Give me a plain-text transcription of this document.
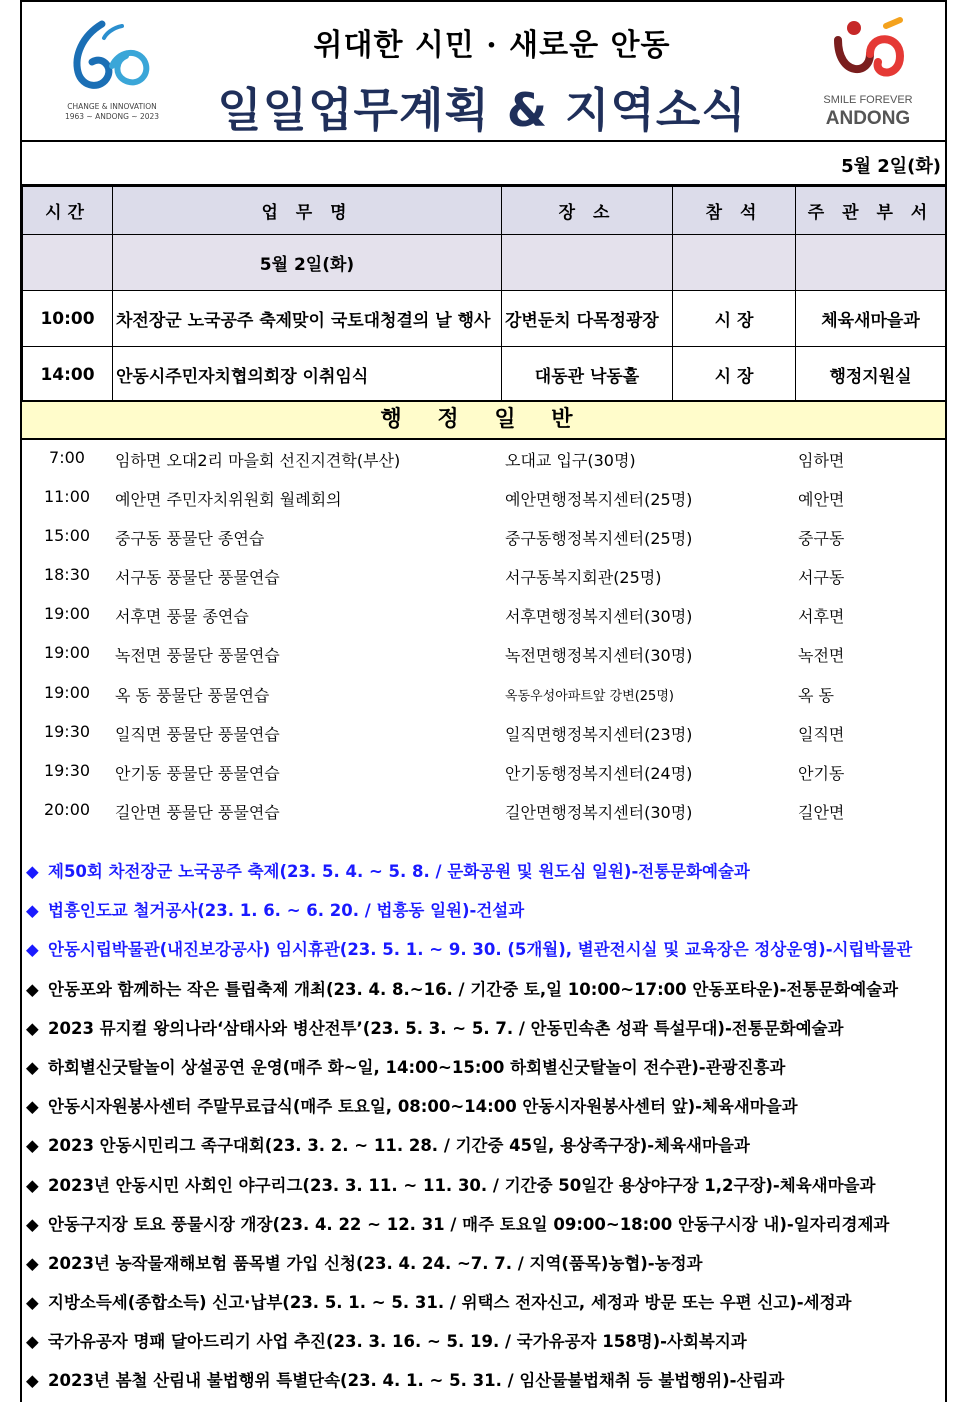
CHANGE & INNOVATION
1963 ~ ANDONG ~ 2023
위대한 시민 · 새로운 안동
일일업무계획 & 지역소식	SMILE FOREVER
ANDONG
5월 2일(화)
시간	업 무 명	장 소	참 석	주 관 부 서
	5월 2일(화)			
10:00	차전장군 노국공주 축제맞이 국토대청결의 날 행사	강변둔치 다목정광장	시 장	체육새마을과
14:00	안동시주민자치협의회장 이취임식	대동관 낙동홀	시 장	행정지원실
행 정 일 반
7:00	임하면 오대2리 마을회 선진지견학(부산)	오대교 입구(30명)	임하면
11:00	예안면 주민자치위원회 월례회의	예안면행정복지센터(25명)	예안면
15:00	중구동 풍물단 종연습	중구동행정복지센터(25명)	중구동
18:30	서구동 풍물단 풍물연습	서구동복지회관(25명)	서구동
19:00	서후면 풍물 종연습	서후면행정복지센터(30명)	서후면
19:00	녹전면 풍물단 풍물연습	녹전면행정복지센터(30명)	녹전면
19:00	옥 동 풍물단 풍물연습	옥동우성아파트앞 강변(25명)	옥 동
19:30	일직면 풍물단 풍물연습	일직면행정복지센터(23명)	일직면
19:30	안기동 풍물단 풍물연습	안기동행정복지센터(24명)	안기동
20:00	길안면 풍물단 풍물연습	길안면행정복지센터(30명)	길안면
◆ 제50회 차전장군 노국공주 축제(23. 5. 4. ~ 5. 8. / 문화공원 및 원도심 일원)-전통문화예술과
◆ 법흥인도교 철거공사(23. 1. 6. ~ 6. 20. / 법흥동 일원)-건설과
◆ 안동시립박물관(내진보강공사) 임시휴관(23. 5. 1. ~ 9. 30. (5개월), 별관전시실 및 교육장은 정상운영)-시립박물관
◆ 안동포와 함께하는 작은 틀립축제 개최(23. 4. 8.~16. / 기간중 토,일 10:00~17:00 안동포타운)-전통문화예술과
◆ 2023 뮤지컬 왕의나라‘삼태사와 병산전투’(23. 5. 3. ~ 5. 7. / 안동민속촌 성곽 특설무대)-전통문화예술과
◆ 하회별신굿탈놀이 상설공연 운영(매주 화~일, 14:00~15:00 하회별신굿탈놀이 전수관)-관광진흥과
◆ 안동시자원봉사센터 주말무료급식(매주 토요일, 08:00~14:00 안동시자원봉사센터 앞)-체육새마을과
◆ 2023 안동시민리그 족구대회(23. 3. 2. ~ 11. 28. / 기간중 45일, 용상족구장)-체육새마을과
◆ 2023년 안동시민 사회인 야구리그(23. 3. 11. ~ 11. 30. / 기간중 50일간 용상야구장 1,2구장)-체육새마을과
◆ 안동구지장 토요 풍물시장 개장(23. 4. 22 ~ 12. 31 / 매주 토요일 09:00~18:00 안동구시장 내)-일자리경제과
◆ 2023년 농작물재해보험 품목별 가입 신청(23. 4. 24. ~7. 7. / 지역(품목)농협)-농정과
◆ 지방소득세(종합소득) 신고·납부(23. 5. 1. ~ 5. 31. / 위택스 전자신고, 세정과 방문 또는 우편 신고)-세정과
◆ 국가유공자 명패 달아드리기 사업 추진(23. 3. 16. ~ 5. 19. / 국가유공자 158명)-사회복지과
◆ 2023년 봄철 산림내 불법행위 특별단속(23. 4. 1. ~ 5. 31. / 임산물불법채취 등 불법행위)-산림과
